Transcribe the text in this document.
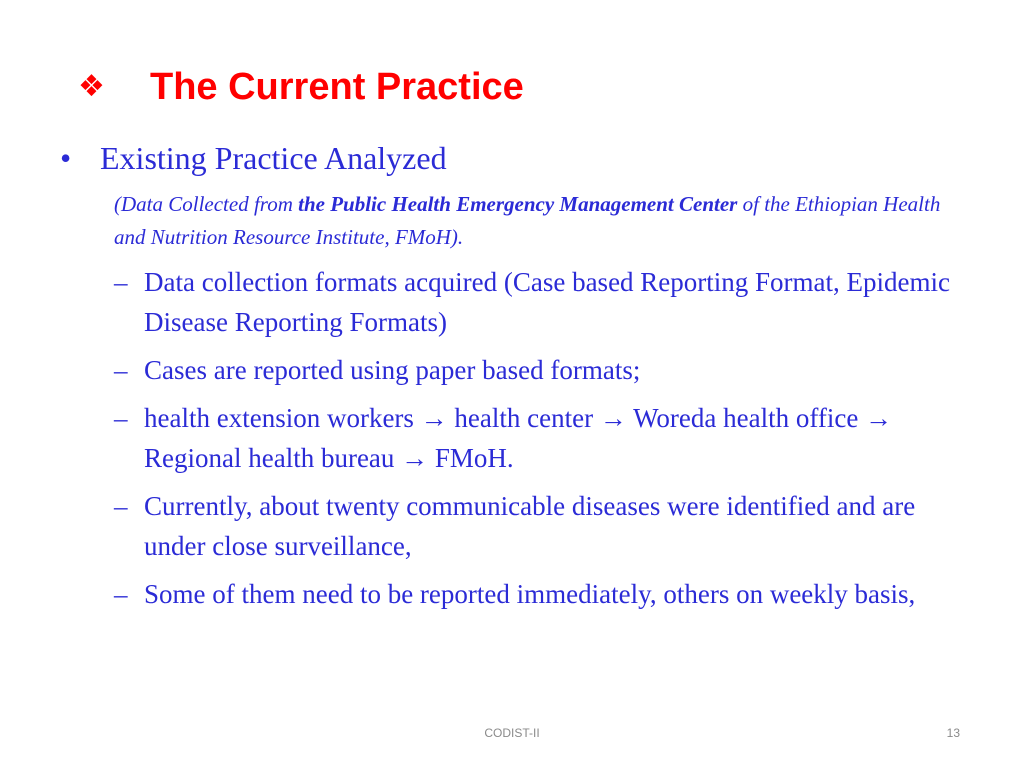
❖	The Current Practice
• Existing Practice Analyzed
(Data Collected from the Public Health Emergency Management Center of the Ethiopian Health and Nutrition Resource Institute, FMoH).
– Data collection formats acquired (Case based Reporting Format, Epidemic Disease Reporting Formats)
– Cases are reported using paper based formats;
– health extension workers → health center → Woreda health office → Regional health bureau → FMoH.
– Currently, about twenty communicable diseases were identified and are under close surveillance,
– Some of them need to be reported immediately, others on weekly basis,
CODIST-II	13
